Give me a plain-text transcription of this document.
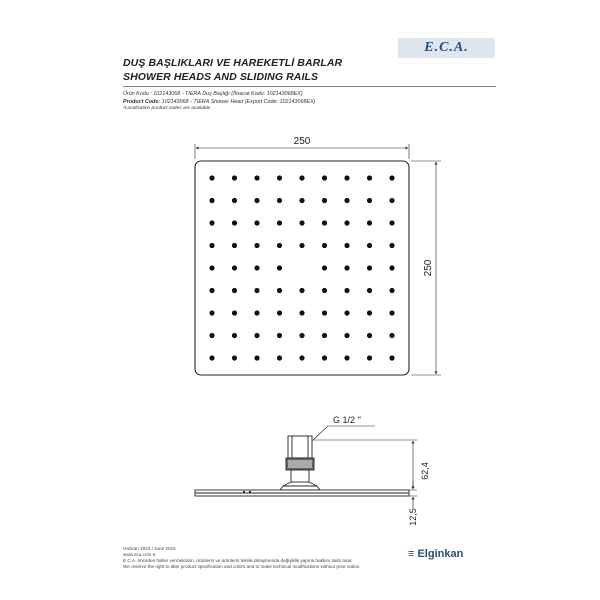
E.C.A.
DUŞ BAŞLIKLARI VE HAREKETLİ BARLAR
SHOWER HEADS AND SLIDING RAILS
Ürün Kodu : 102143068 - TIERA Duş Başlığı (İhracat Kodu: 102143068EX)
Product Code: 102143068 - TIERA Shower Head (Export Code: 102143068EX)
*Localisation product codes are available.
250
250
G 1/2 ''
62,4
12,5
Haziran 2023 / June 2023
www.eca.com.tr
E.C.A. önceden haber vermeksizin, ürünlerin ve ürünlerin teknik detaylarında değişiklik yapma hakkını saklı tutar.
We reserve the right to alter product specification and colors and to make technical modifications without prior notice.
≡ Elginkan
